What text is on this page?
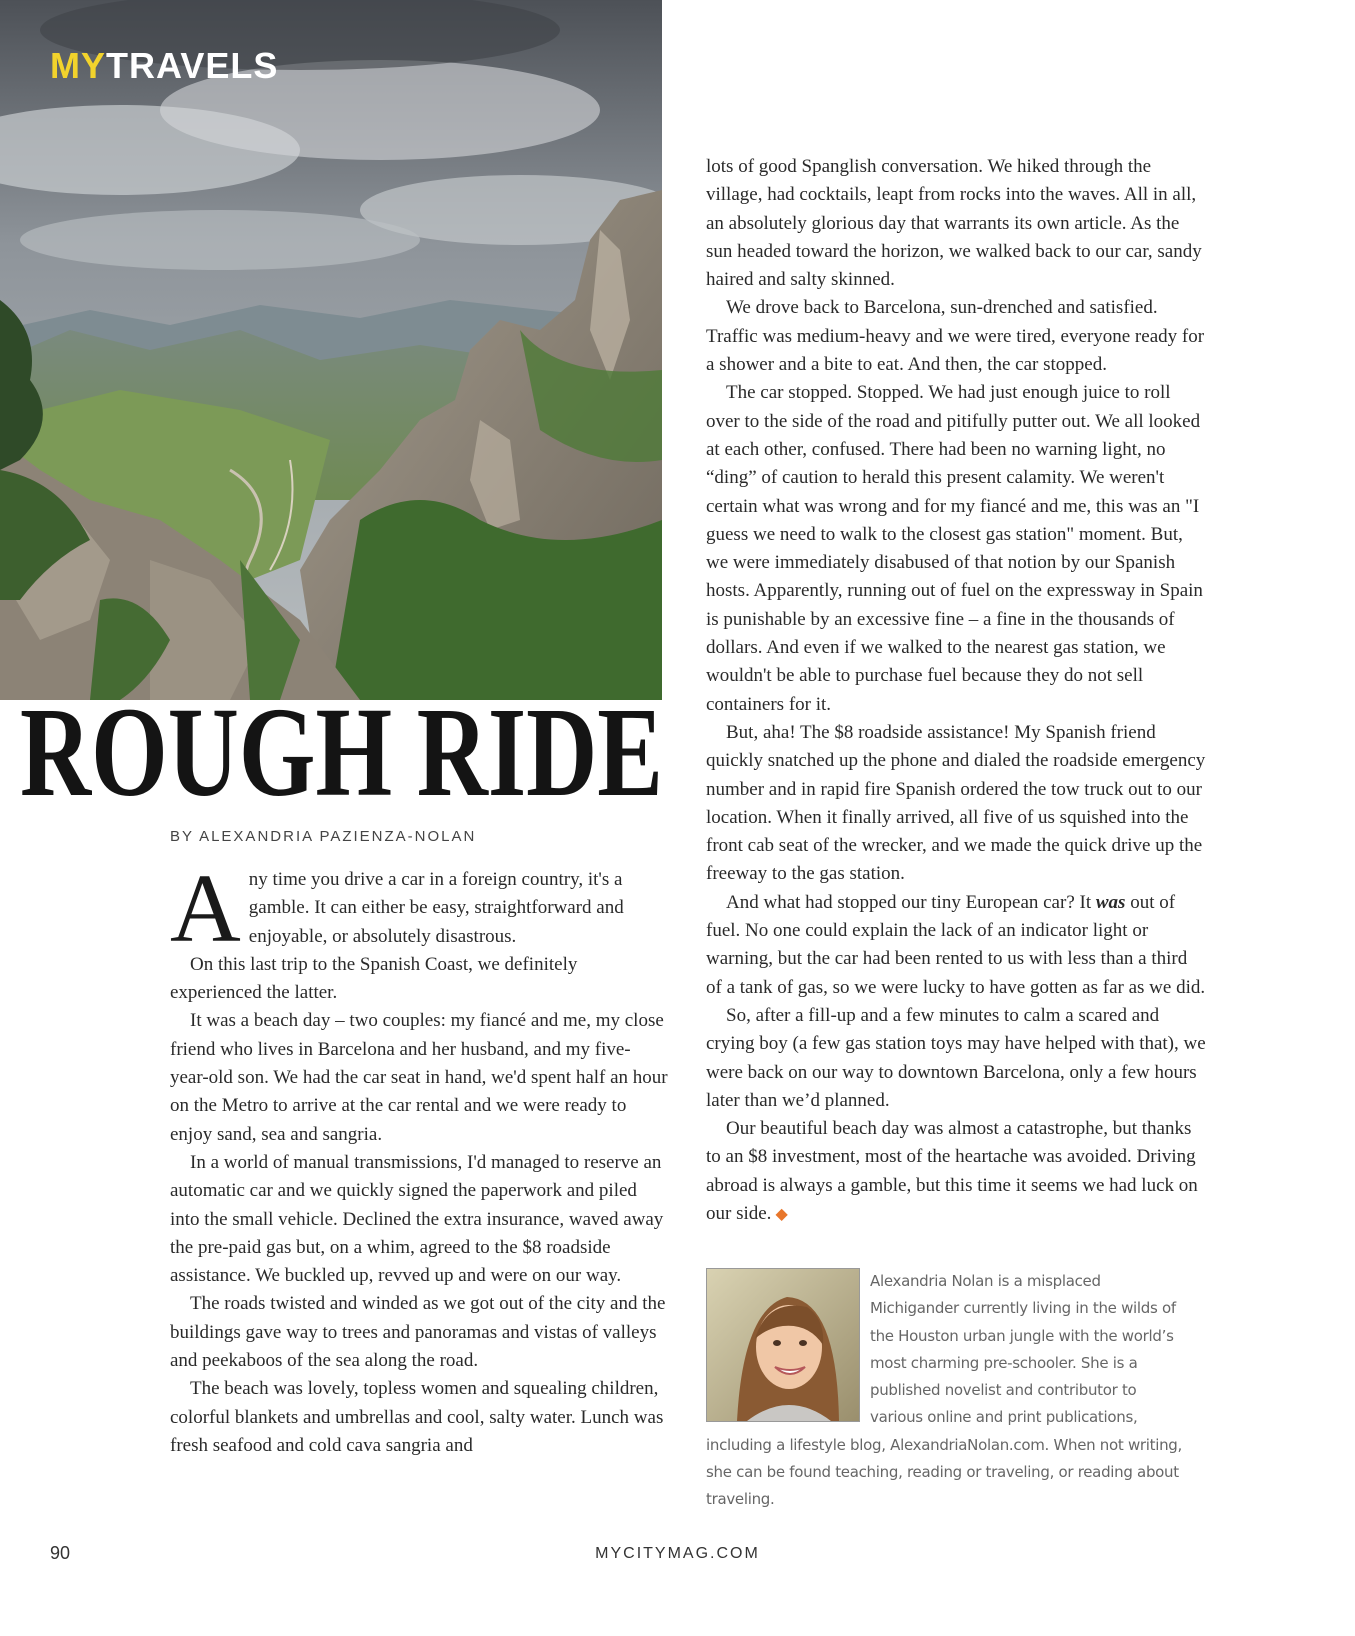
MYTRAVELS
ROUGH RIDE
BY ALEXANDRIA PAZIENZA-NOLAN

Any time you drive a car in a foreign country, it's a gamble. It can either be easy, straightforward and enjoyable, or absolutely disastrous.

On this last trip to the Spanish Coast, we definitely experienced the latter.

It was a beach day – two couples: my fiancé and me, my close friend who lives in Barcelona and her husband, and my five-year-old son. We had the car seat in hand, we'd spent half an hour on the Metro to arrive at the car rental and we were ready to enjoy sand, sea and sangria.

In a world of manual transmissions, I'd managed to reserve an automatic car and we quickly signed the paperwork and piled into the small vehicle. Declined the extra insurance, waved away the pre-paid gas but, on a whim, agreed to the $8 roadside assistance. We buckled up, revved up and were on our way.

The roads twisted and winded as we got out of the city and the buildings gave way to trees and panoramas and vistas of valleys and peekaboos of the sea along the road.

The beach was lovely, topless women and squealing children, colorful blankets and umbrellas and cool, salty water. Lunch was fresh seafood and cold cava sangria and

lots of good Spanglish conversation. We hiked through the village, had cocktails, leapt from rocks into the waves. All in all, an absolutely glorious day that warrants its own article. As the sun headed toward the horizon, we walked back to our car, sandy haired and salty skinned.

We drove back to Barcelona, sun-drenched and satisfied. Traffic was medium-heavy and we were tired, everyone ready for a shower and a bite to eat. And then, the car stopped.

The car stopped. Stopped. We had just enough juice to roll over to the side of the road and pitifully putter out. We all looked at each other, confused. There had been no warning light, no “ding” of caution to herald this present calamity. We weren't certain what was wrong and for my fiancé and me, this was an "I guess we need to walk to the closest gas station" moment. But, we were immediately disabused of that notion by our Spanish hosts. Apparently, running out of fuel on the expressway in Spain is punishable by an excessive fine – a fine in the thousands of dollars. And even if we walked to the nearest gas station, we wouldn't be able to purchase fuel because they do not sell containers for it.

But, aha! The $8 roadside assistance! My Spanish friend quickly snatched up the phone and dialed the roadside emergency number and in rapid fire Spanish ordered the tow truck out to our location. When it finally arrived, all five of us squished into the front cab seat of the wrecker, and we made the quick drive up the freeway to the gas station.

And what had stopped our tiny European car? It was out of fuel. No one could explain the lack of an indicator light or warning, but the car had been rented to us with less than a third of a tank of gas, so we were lucky to have gotten as far as we did.

So, after a fill-up and a few minutes to calm a scared and crying boy (a few gas station toys may have helped with that), we were back on our way to downtown Barcelona, only a few hours later than we’d planned.

Our beautiful beach day was almost a catastrophe, but thanks to an $8 investment, most of the heartache was avoided. Driving abroad is always a gamble, but this time it seems we had luck on our side. ◆

Alexandria Nolan is a misplaced Michigander currently living in the wilds of the Houston urban jungle with the world’s most charming pre-schooler. She is a published novelist and contributor to various online and print publications, including a lifestyle blog, AlexandriaNolan.com. When not writing, she can be found teaching, reading or traveling, or reading about traveling.

90	MYCITYMAG.COM
